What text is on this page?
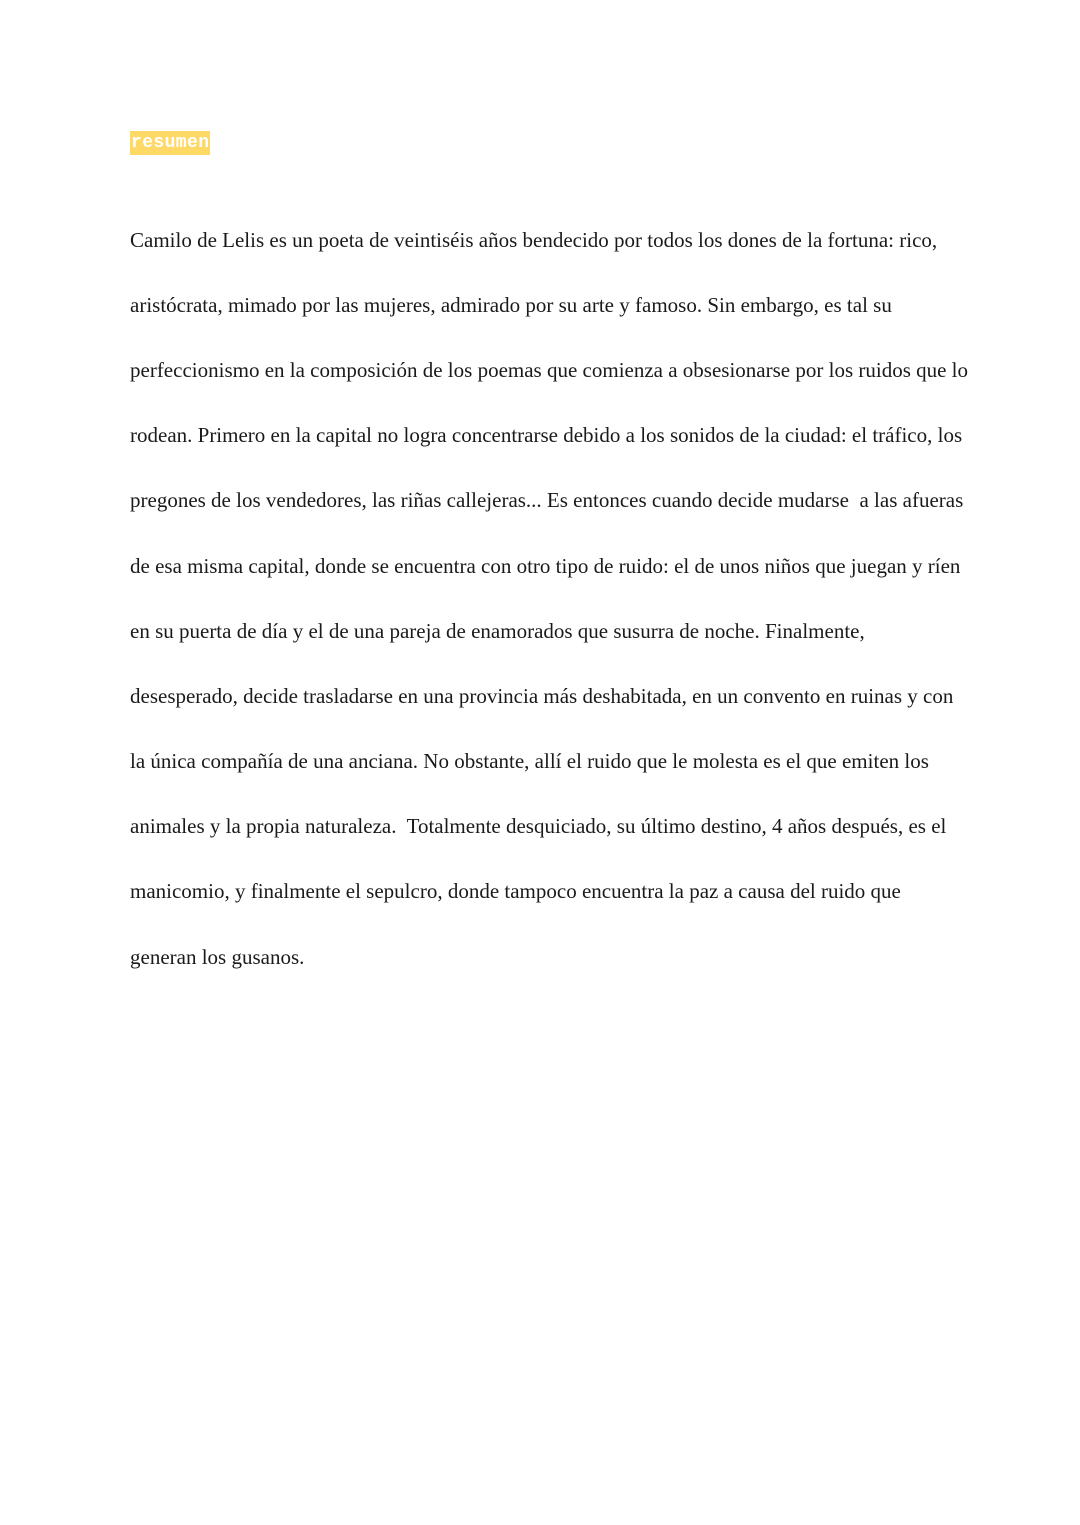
resumen

Camilo de Lelis es un poeta de veintiséis años bendecido por todos los dones de la fortuna: rico,

aristócrata, mimado por las mujeres, admirado por su arte y famoso. Sin embargo, es tal su

perfeccionismo en la composición de los poemas que comienza a obsesionarse por los ruidos que lo

rodean. Primero en la capital no logra concentrarse debido a los sonidos de la ciudad: el tráfico, los

pregones de los vendedores, las riñas callejeras... Es entonces cuando decide mudarse  a las afueras

de esa misma capital, donde se encuentra con otro tipo de ruido: el de unos niños que juegan y ríen

en su puerta de día y el de una pareja de enamorados que susurra de noche. Finalmente,

desesperado, decide trasladarse en una provincia más deshabitada, en un convento en ruinas y con

la única compañía de una anciana. No obstante, allí el ruido que le molesta es el que emiten los

animales y la propia naturaleza.  Totalmente desquiciado, su último destino, 4 años después, es el

manicomio, y finalmente el sepulcro, donde tampoco encuentra la paz a causa del ruido que

generan los gusanos.
